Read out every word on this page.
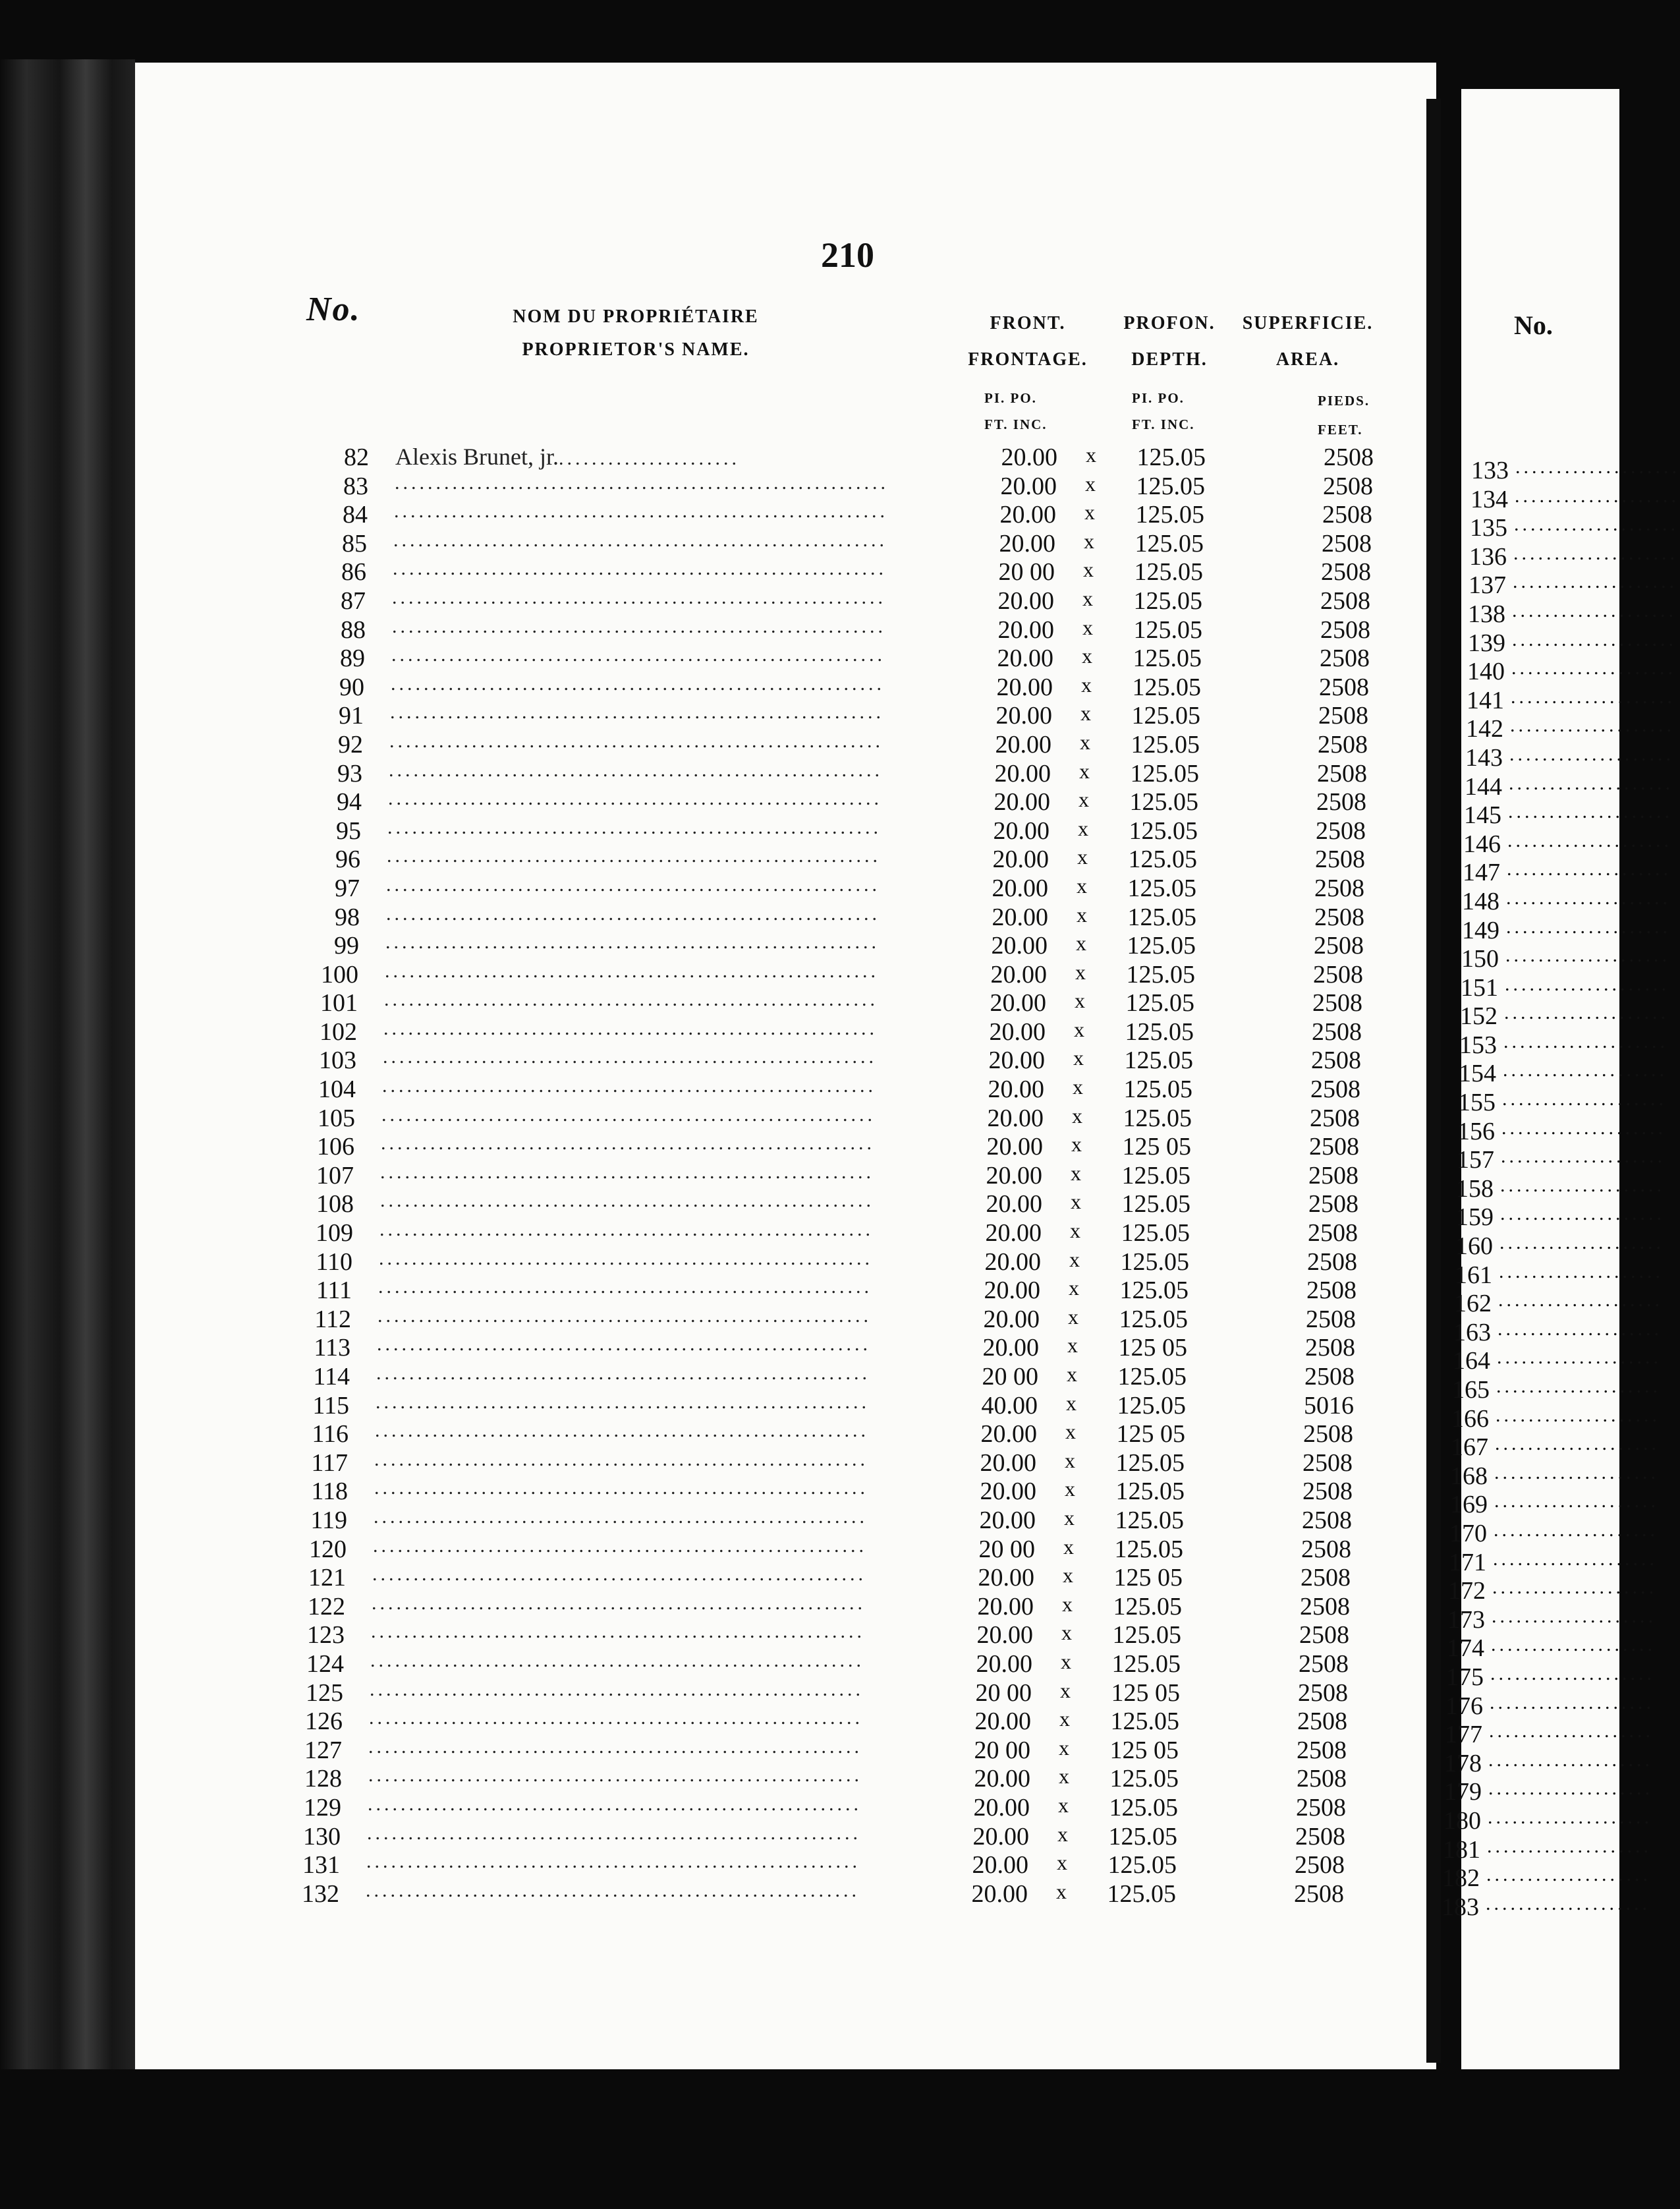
210
No.	NOM DU PROPRIÉTAIRE
PROPRIETOR'S NAME.
FRONT.
FRONTAGE.
PROFON.
DEPTH.
SUPERFICIE.
AREA.
PI. PO.
FT. INC.
PI. PO.
FT. INC.
PIEDS.
FEET.
82 Alexis Brunet, jr.......................	20.00 x	125.05	2508
83 ............................................................	20.00 x	125.05	2508
84 ............................................................	20.00 x	125.05	2508
85 ............................................................	20.00 x	125.05	2508
86 ............................................................	20 00 x	125.05	2508
87 ............................................................	20.00 x	125.05	2508
88 ............................................................	20.00 x	125.05	2508
89 ............................................................	20.00 x	125.05	2508
90 ............................................................	20.00 x	125.05	2508
91 ............................................................	20.00 x	125.05	2508
92 ............................................................	20.00 x	125.05	2508
93 ............................................................	20.00 x	125.05	2508
94 ............................................................	20.00 x	125.05	2508
95 ............................................................	20.00 x	125.05	2508
96 ............................................................	20.00 x	125.05	2508
97 ............................................................	20.00 x	125.05	2508
98 ............................................................	20.00 x	125.05	2508
99 ............................................................	20.00 x	125.05	2508
100 ............................................................	20.00 x	125.05	2508
101 ............................................................	20.00 x	125.05	2508
102 ............................................................	20.00 x	125.05	2508
103 ............................................................	20.00 x	125.05	2508
104 ............................................................	20.00 x	125.05	2508
105 ............................................................	20.00 x	125.05	2508
106 ............................................................	20.00 x	125 05	2508
107 ............................................................	20.00 x	125.05	2508
108 ............................................................	20.00 x	125.05	2508
109 ............................................................	20.00 x	125.05	2508
110 ............................................................	20.00 x	125.05	2508
111 ............................................................	20.00 x	125.05	2508
112 ............................................................	20.00 x	125.05	2508
113 ............................................................	20.00 x	125 05	2508
114 ............................................................	20 00 x	125.05	2508
115 ............................................................	40.00 x	125.05	5016
116 ............................................................	20.00 x	125 05	2508
117 ............................................................	20.00 x	125.05	2508
118 ............................................................	20.00 x	125.05	2508
119 ............................................................	20.00 x	125.05	2508
120 ............................................................	20 00 x	125.05	2508
121 ............................................................	20.00 x	125 05	2508
122 ............................................................	20.00 x	125.05	2508
123 ............................................................	20.00 x	125.05	2508
124 ............................................................	20.00 x	125.05	2508
125 ............................................................	20 00 x	125 05	2508
126 ............................................................	20.00 x	125.05	2508
127 ............................................................	20 00 x	125 05	2508
128 ............................................................	20.00 x	125.05	2508
129 ............................................................	20.00 x	125.05	2508
130 ............................................................	20.00 x	125.05	2508
131 ............................................................	20.00 x	125.05	2508
132 ............................................................	20.00 x	125.05	2508
No.
133 ....................
134 ....................
135 ....................
136 ....................
137 ....................
138 ....................
139 ....................
140 ....................
141 ....................
142 ....................
143 ....................
144 ....................
145 ....................
146 ....................
147 ....................
148 ....................
149 ....................
150 ....................
151 ....................
152 ....................
153 ....................
154 ....................
155 ....................
156 ....................
157 ....................
158 ....................
159 ....................
160 ....................
161 ....................
162 ....................
163 ....................
164 ....................
165 ....................
166 ....................
167 ....................
168 ....................
169 ....................
170 ....................
171 ....................
172 ....................
173 ....................
174 ....................
175 ....................
176 ....................
177 ....................
178 ....................
179 ....................
180 ....................
181 ....................
182 ....................
183 ....................
